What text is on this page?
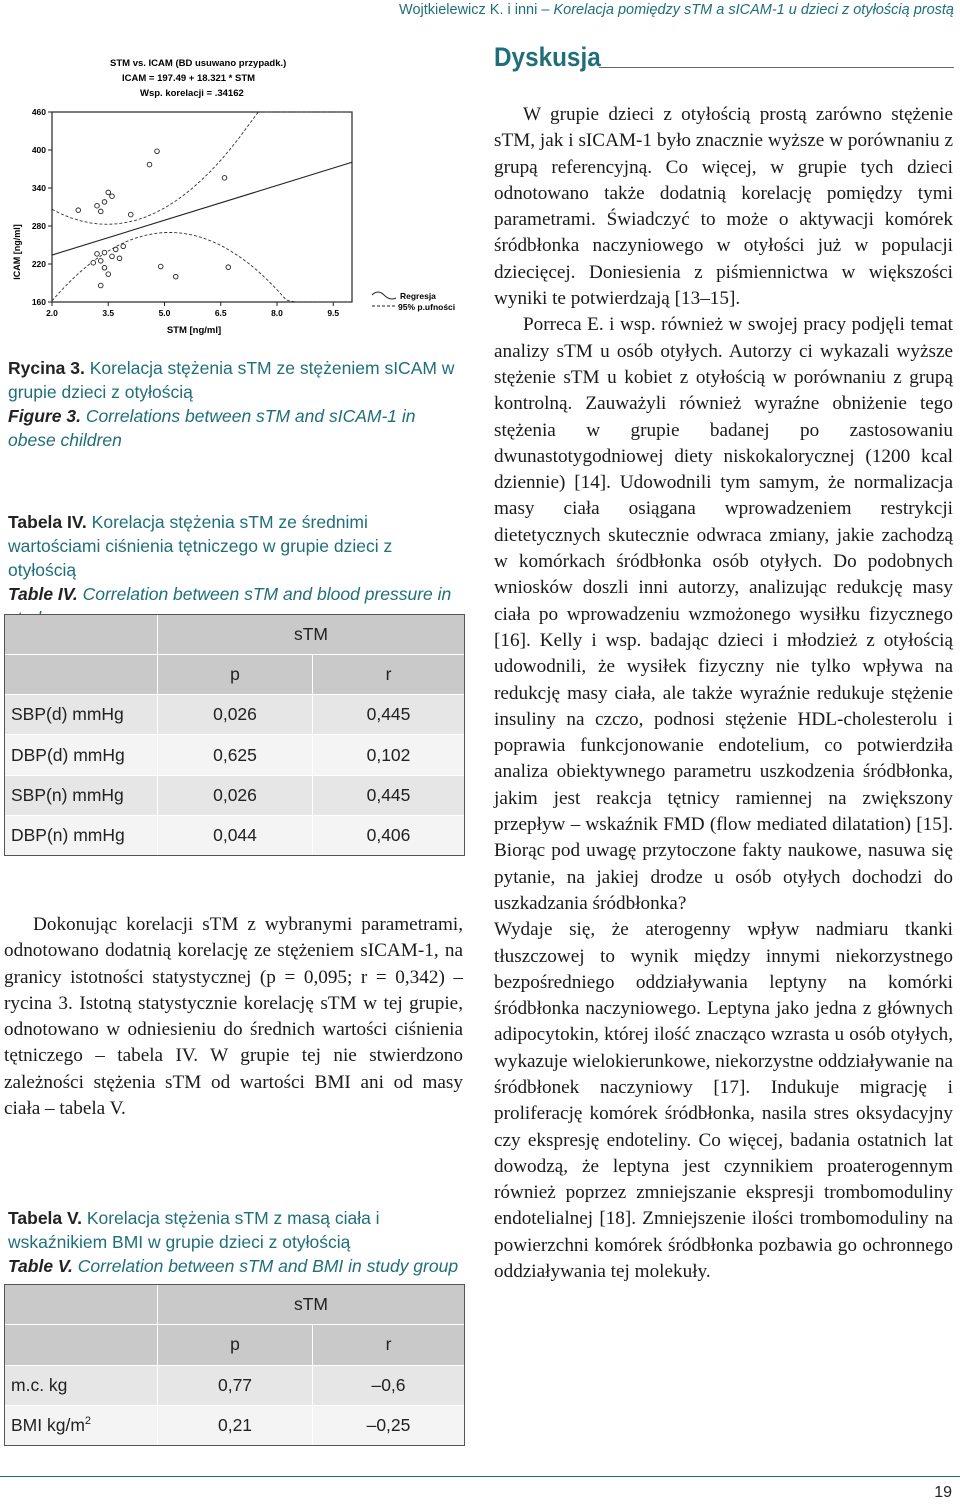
Wojtkielewicz K. i inni – Korelacja pomiędzy sTM a sICAM-1 u dzieci z otyłością prostą
STM vs. ICAM (BD usuwano przypadk.)
ICAM = 197.49 + 18.321 * STM
Wsp. korelacji = .34162
ICAM [ng/ml]
STM [ng/ml]
460
400
340
280
220
160
2.0	3.5	5.0	6.5	8.0	9.5
Regresja
95% p.ufności
Rycina 3. Korelacja stężenia sTM ze stężeniem sICAM w grupie dzieci z otyłością
Figure 3. Correlations between sTM and sICAM-1 in obese children
Tabela IV. Korelacja stężenia sTM ze średnimi wartościami ciśnienia tętniczego w grupie dzieci z otyłością
Table IV. Correlation between sTM and blood pressure in
	sTM	
	p	r
SBP(d) mmHg	0,026	0,445
DBP(d) mmHg	0,625	0,102
SBP(n) mmHg	0,026	0,445
DBP(n) mmHg	0,044	0,406

Dokonując korelacji sTM z wybranymi parametrami, odnotowano dodatnią korelację ze stężeniem sICAM-1, na granicy istotności statystycznej (p = 0,095; r = 0,342) – rycina 3. Istotną statystycznie korelację sTM w tej grupie, odnotowano w odniesieniu do średnich wartości ciśnienia tętniczego – tabela IV. W grupie tej nie stwierdzono zależności stężenia sTM od wartości BMI ani od masy ciała – tabela V.

Tabela V. Korelacja stężenia sTM z masą ciała i wskaźnikiem BMI w grupie dzieci z otyłością
Table V. Correlation between sTM and BMI in study group
	sTM	
	p	r
m.c. kg	0,77	–0,6
BMI $kg/m^2$	0,21	–0,25
Dyskusja

W grupie dzieci z otyłością prostą zarówno stężenie sTM, jak i sICAM-1 było znacznie wyższe w porównaniu z grupą referencyjną. Co więcej, w grupie tych dzieci odnotowano także dodatnią korelację pomiędzy tymi parametrami. Świadczyć to może o aktywacji komórek śródbłonka naczyniowego w otyłości już w populacji dziecięcej. Doniesienia z piśmiennictwa w większości wyniki te potwierdzają [13–15].

Porreca E. i wsp. również w swojej pracy podjęli temat analizy sTM u osób otyłych. Autorzy ci wykazali wyższe stężenie sTM u kobiet z otyłością w porównaniu z grupą kontrolną. Zauważyli również wyraźne obniżenie tego stężenia w grupie badanej po zastosowaniu dwunastotygodniowej diety niskokalorycznej (1200 kcal dziennie) [14]. Udowodnili tym samym, że normalizacja masy ciała osiągana wprowadzeniem restrykcji dietetycznych skutecznie odwraca zmiany, jakie zachodzą w komórkach śródbłonka osób otyłych. Do podobnych wniosków doszli inni autorzy, analizując redukcję masy ciała po wprowadzeniu wzmożonego wysiłku fizycznego [16]. Kelly i wsp. badając dzieci i młodzież z otyłością udowodnili, że wysiłek fizyczny nie tylko wpływa na redukcję masy ciała, ale także wyraźnie redukuje stężenie insuliny na czczo, podnosi stężenie HDL-cholesterolu i poprawia funkcjonowanie endotelium, co potwierdziła analiza obiektywnego parametru uszkodzenia śródbłonka, jakim jest reakcja tętnicy ramiennej na zwiększony przepływ – wskaźnik FMD (flow mediated dilatation) [15]. Biorąc pod uwagę przytoczone fakty naukowe, nasuwa się pytanie, na jakiej drodze u osób otyłych dochodzi do uszkadzania śródbłonka?

Wydaje się, że aterogenny wpływ nadmiaru tkanki tłuszczowej to wynik między innymi niekorzystnego bezpośredniego oddziaływania leptyny na komórki śródbłonka naczyniowego. Leptyna jako jedna z głównych adipocytokin, której ilość znacząco wzrasta u osób otyłych, wykazuje wielokierunkowe, niekorzystne oddziaływanie na śródbłonek naczyniowy [17]. Indukuje migrację i proliferację komórek śródbłonka, nasila stres oksydacyjny czy ekspresję endoteliny. Co więcej, badania ostatnich lat dowodzą, że leptyna jest czynnikiem proaterogennym również poprzez zmniejszanie ekspresji trombomoduliny endotelialnej [18]. Zmniejszenie ilości trombomoduliny na powierzchni komórek śródbłonka pozbawia go ochronnego oddziaływania tej molekuły.

19
